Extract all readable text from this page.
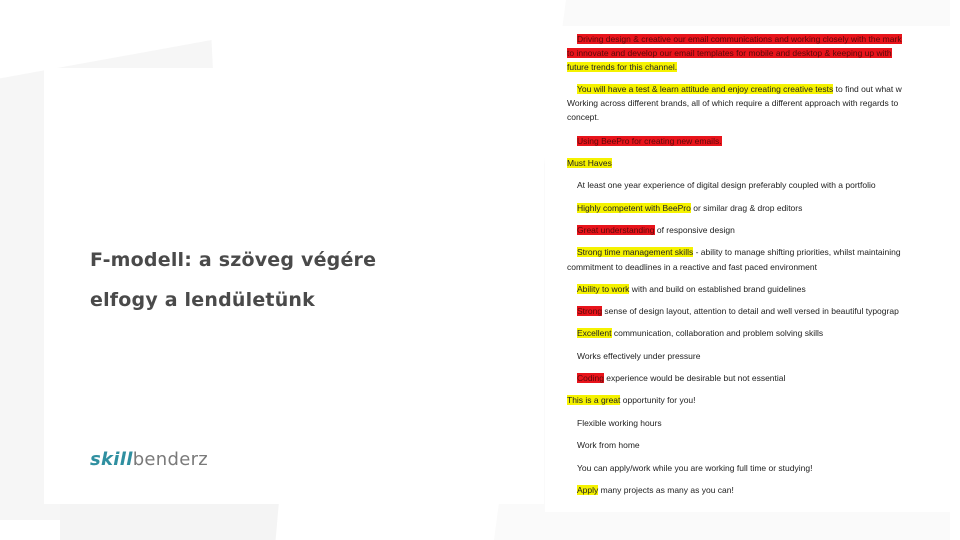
F-modell: a szöveg végére
elfogy a lendületünk
skill benderz
Driving design & creative our email communications and working closely with the mark
to innovate and develop our email templates for mobile and desktop & keeping up with
future trends for this channel.
You will have a test & learn attitude and enjoy creating creative tests to find out what w
Working across different brands, all of which require a different approach with regards to
concept.
Using BeePro for creating new emails.
Must Haves
At least one year experience of digital design preferably coupled with a portfolio
Highly competent with BeePro or similar drag & drop editors
Great understanding of responsive design
Strong time management skills - ability to manage shifting priorities, whilst maintaining
commitment to deadlines in a reactive and fast paced environment
Ability to work with and build on established brand guidelines
Strong sense of design layout, attention to detail and well versed in beautiful typograp
Excellent communication, collaboration and problem solving skills
Works effectively under pressure
Coding experience would be desirable but not essential
This is a great opportunity for you!
Flexible working hours
Work from home
You can apply/work while you are working full time or studying!
Apply many projects as many as you can!
